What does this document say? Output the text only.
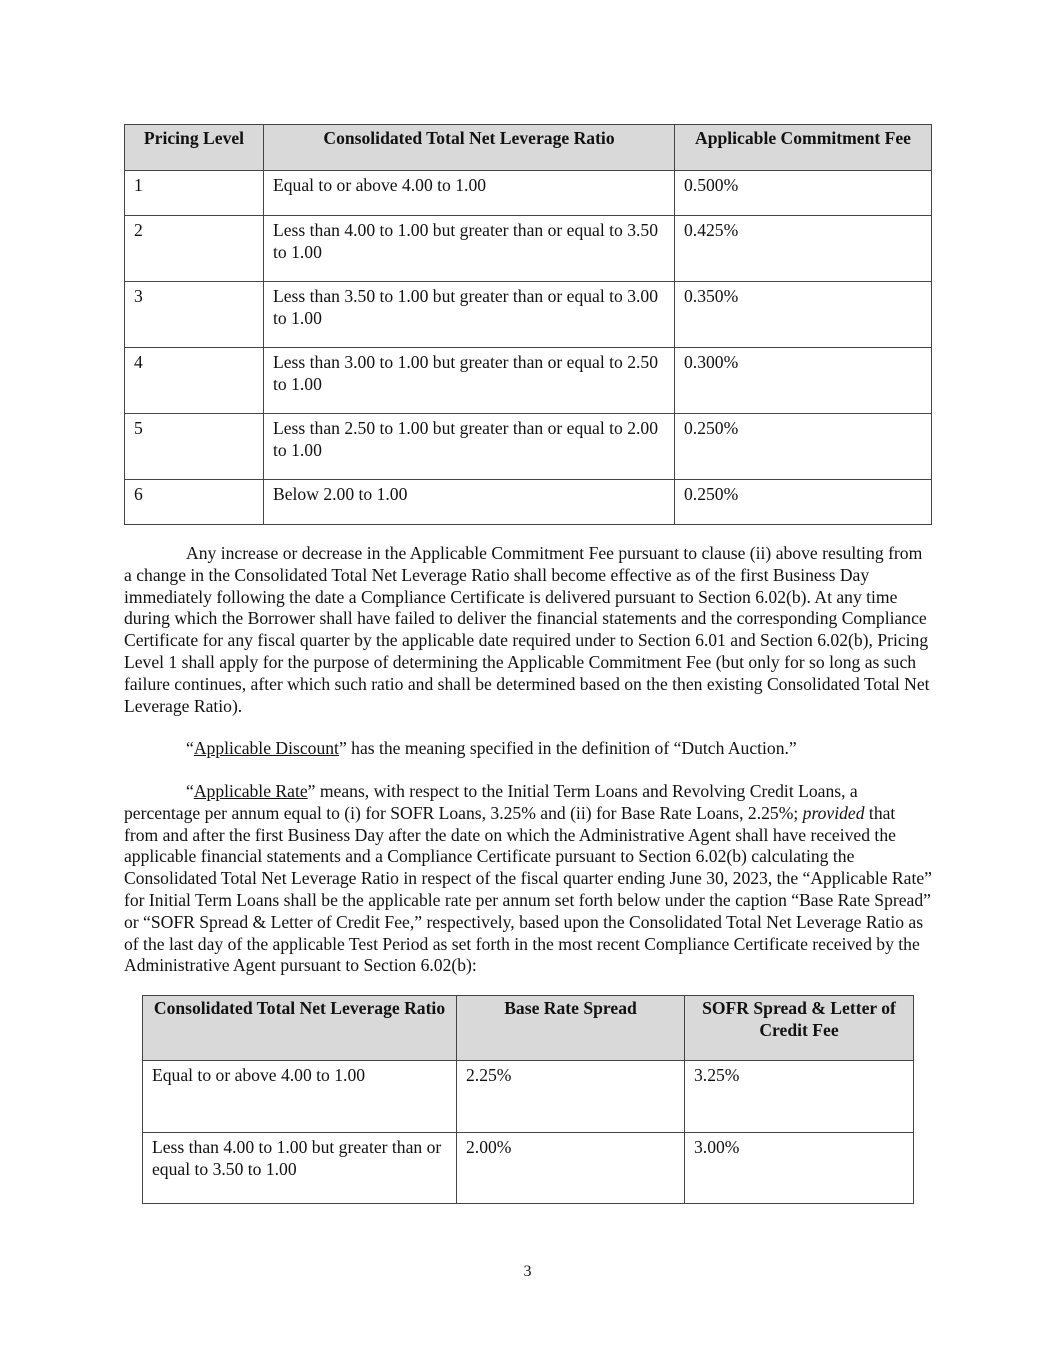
Pricing Level	Consolidated Total Net Leverage Ratio	Applicable Commitment Fee
1	Equal to or above 4.00 to 1.00	0.500%
2	Less than 4.00 to 1.00 but greater than or equal to 3.50 to 1.00	0.425%
3	Less than 3.50 to 1.00 but greater than or equal to 3.00 to 1.00	0.350%
4	Less than 3.00 to 1.00 but greater than or equal to 2.50 to 1.00	0.300%
5	Less than 2.50 to 1.00 but greater than or equal to 2.00 to 1.00	0.250%
6	Below 2.00 to 1.00	0.250%

Any increase or decrease in the Applicable Commitment Fee pursuant to clause (ii) above resulting from a change in the Consolidated Total Net Leverage Ratio shall become effective as of the first Business Day immediately following the date a Compliance Certificate is delivered pursuant to Section 6.02(b). At any time during which the Borrower shall have failed to deliver the financial statements and the corresponding Compliance Certificate for any fiscal quarter by the applicable date required under to Section 6.01 and Section 6.02(b), Pricing Level 1 shall apply for the purpose of determining the Applicable Commitment Fee (but only for so long as such failure continues, after which such ratio and shall be determined based on the then existing Consolidated Total Net Leverage Ratio).

“Applicable Discount” has the meaning specified in the definition of “Dutch Auction.”

“Applicable Rate” means, with respect to the Initial Term Loans and Revolving Credit Loans, a percentage per annum equal to (i) for SOFR Loans, 3.25% and (ii) for Base Rate Loans, 2.25%; provided that from and after the first Business Day after the date on which the Administrative Agent shall have received the applicable financial statements and a Compliance Certificate pursuant to Section 6.02(b) calculating the Consolidated Total Net Leverage Ratio in respect of the fiscal quarter ending June 30, 2023, the “Applicable Rate” for Initial Term Loans shall be the applicable rate per annum set forth below under the caption “Base Rate Spread” or “SOFR Spread & Letter of Credit Fee,” respectively, based upon the Consolidated Total Net Leverage Ratio as of the last day of the applicable Test Period as set forth in the most recent Compliance Certificate received by the Administrative Agent pursuant to Section 6.02(b):

Consolidated Total Net Leverage Ratio	Base Rate Spread	SOFR Spread & Letter of Credit Fee
Equal to or above 4.00 to 1.00	2.25%	3.25%
Less than 4.00 to 1.00 but greater than or equal to 3.50 to 1.00	2.00%	3.00%
3
